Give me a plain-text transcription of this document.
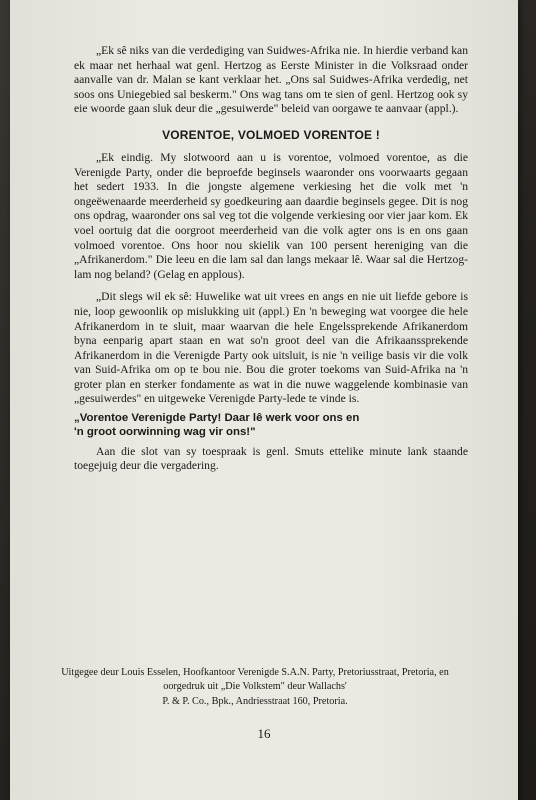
„Ek sê niks van die verdediging van Suidwes-Afrika nie. In hierdie verband kan ek maar net herhaal wat genl. Hertzog as Eerste Minister in die Volksraad onder aanvalle van dr. Malan se kant verklaar het. „Ons sal Suidwes-Afrika verdedig, net soos ons Uniegebied sal beskerm." Ons wag tans om te sien of genl. Hertzog ook sy eie woorde gaan sluk deur die „gesuiwerde" beleid van oorgawe te aanvaar (appl.).

VORENTOE, VOLMOED VORENTOE !

„Ek eindig. My slotwoord aan u is vorentoe, volmoed vorentoe, as die Verenigde Party, onder die beproefde beginsels waaronder ons voorwaarts gegaan het sedert 1933. In die jongste algemene verkiesing het die volk met 'n ongeëwenaarde meerderheid sy goedkeuring aan daardie beginsels gegee. Dit is nog ons opdrag, waaronder ons sal veg tot die volgende verkiesing oor vier jaar kom. Ek voel oortuig dat die oorgroot meerderheid van die volk agter ons is en ons gaan volmoed vorentoe. Ons hoor nou skielik van 100 persent hereniging van die „Afrikanerdom." Die leeu en die lam sal dan langs mekaar lê. Waar sal die Hertzog-lam nog beland? (Gelag en applous).

„Dit slegs wil ek sê: Huwelike wat uit vrees en angs en nie uit liefde gebore is nie, loop gewoonlik op mislukking uit (appl.) En 'n beweging wat voorgee die hele Afrikanerdom in te sluit, maar waarvan die hele Engelssprekende Afrikanerdom byna eenparig apart staan en wat so'n groot deel van die Afrikaanssprekende Afrikanerdom in die Verenigde Party ook uitsluit, is nie 'n veilige basis vir die volk van Suid-Afrika om op te bou nie. Bou die groter toekoms van Suid-Afrika na 'n groter plan en sterker fondamente as wat in die nuwe waggelende kombinasie van „gesuiwerdes" en uitgeweke Verenigde Party-lede te vinde is.

„Vorentoe Verenigde Party! Daar lê werk voor ons en
'n groot oorwinning wag vir ons!"

Aan die slot van sy toespraak is genl. Smuts ettelike minute lank staande toegejuig deur die vergadering.

Uitgegee deur Louis Esselen, Hoofkantoor Verenigde S.A.N. Party, Pretoriusstraat, Pretoria, en oorgedruk uit „Die Volkstem" deur Wallachs'
P. & P. Co., Bpk., Andriesstraat 160, Pretoria.
16
